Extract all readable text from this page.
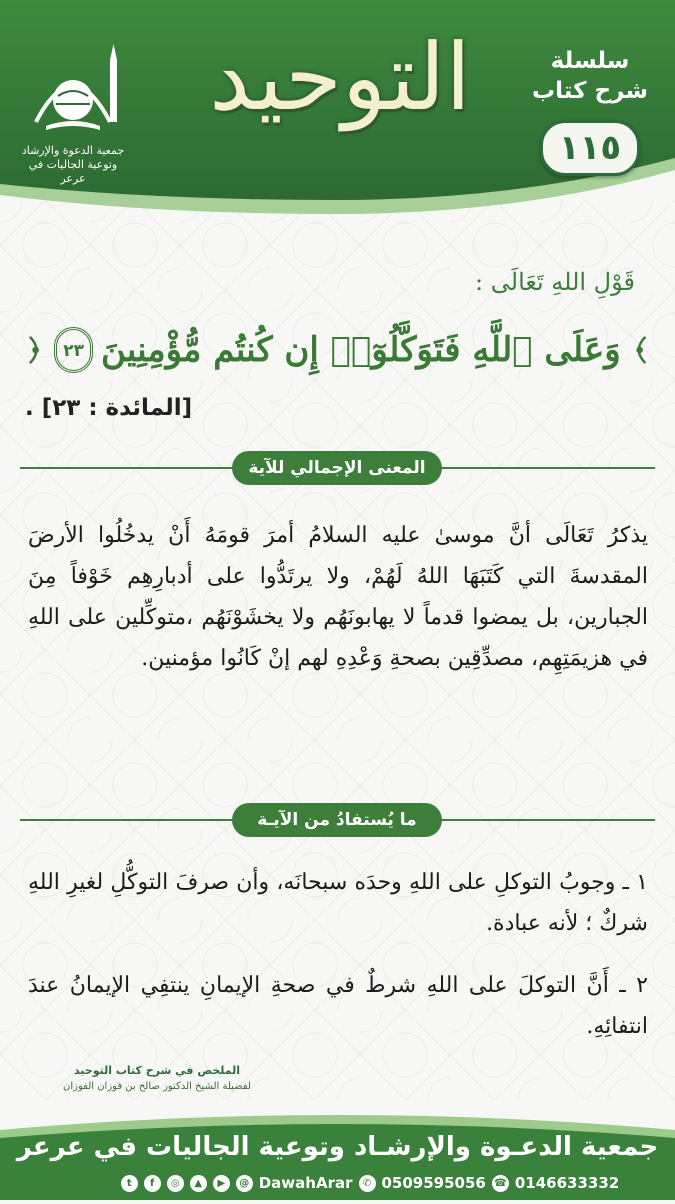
جمعية الدعوة والإرشاد
وتوعية الجاليات في عرعر
التوحيد	سلسلة
شرح كتاب
١١٥
قَوْلِ اللهِ تَعَالَى :
وَعَلَى ٱللَّهِ فَتَوَكَّلُوٓا۟ إِن كُنتُم مُّؤْمِنِينَ
٢٣
[المائدة : ٢٣] .
المعنى الإجمالي للآية
يذكرُ تَعَالَى أنَّ موسىٰ عليه السلامُ أمرَ قومَهُ أَنْ يدخُلُوا الأرضَ المقدسةَ التي كَتَبَهَا اللهُ لَهُمْ، ولا يرتَدُّوا على أدبارِهِم خَوْفاً مِنَ الجبارين، بل يمضوا قدماً لا يهابونَهُم ولا يخشَوْنَهُم ،متوكِّلين على اللهِ في هزيمَتِهِم، مصدِّقِين بصحةِ وَعْدِهِ لهم إنْ كَانُوا مؤمنين.
ما يُستفادُ من الآيـة
١ ـ وجوبُ التوكلِ على اللهِ وحدَه سبحانَه، وأن صرفَ التوكُّلِ لغيرِ اللهِ شركٌ ؛ لأنه عبادة.
٢ ـ أَنَّ التوكلَ على اللهِ شرطٌ في صحةِ الإيمانِ ينتفِي الإيمانُ عندَ انتفائِهِ.
الملخص في شرح كتاب التوحيد
لفضيلة الشيخ الدكتور صالح بن فوزان الفوزان
جمعية الدعـوة والإرشـاد وتوعية الجاليات في عرعر
t	f	◎	▲	▶	@ DawahArar	✆ 0509595056 ☎ 0146633332
